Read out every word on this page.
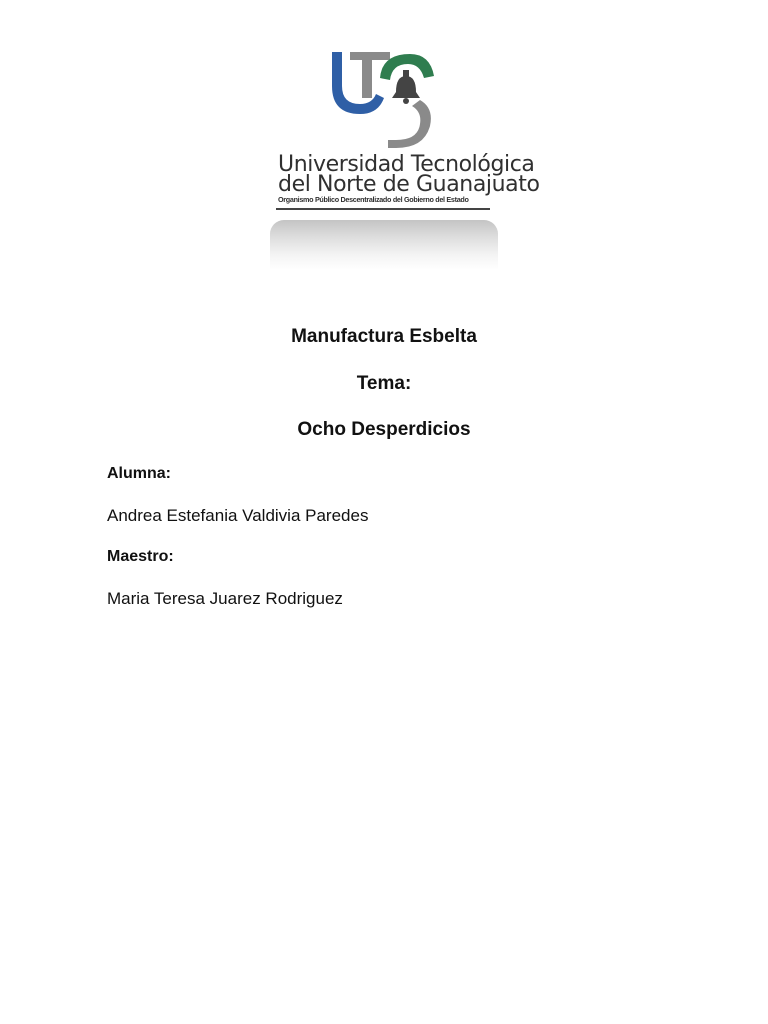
Universidad Tecnológica
del Norte de Guanajuato
Organismo Público Descentralizado del Gobierno del Estado
Manufactura Esbelta
Tema:
Ocho Desperdicios
Alumna:
Andrea Estefania Valdivia Paredes
Maestro:
Maria Teresa Juarez Rodriguez
